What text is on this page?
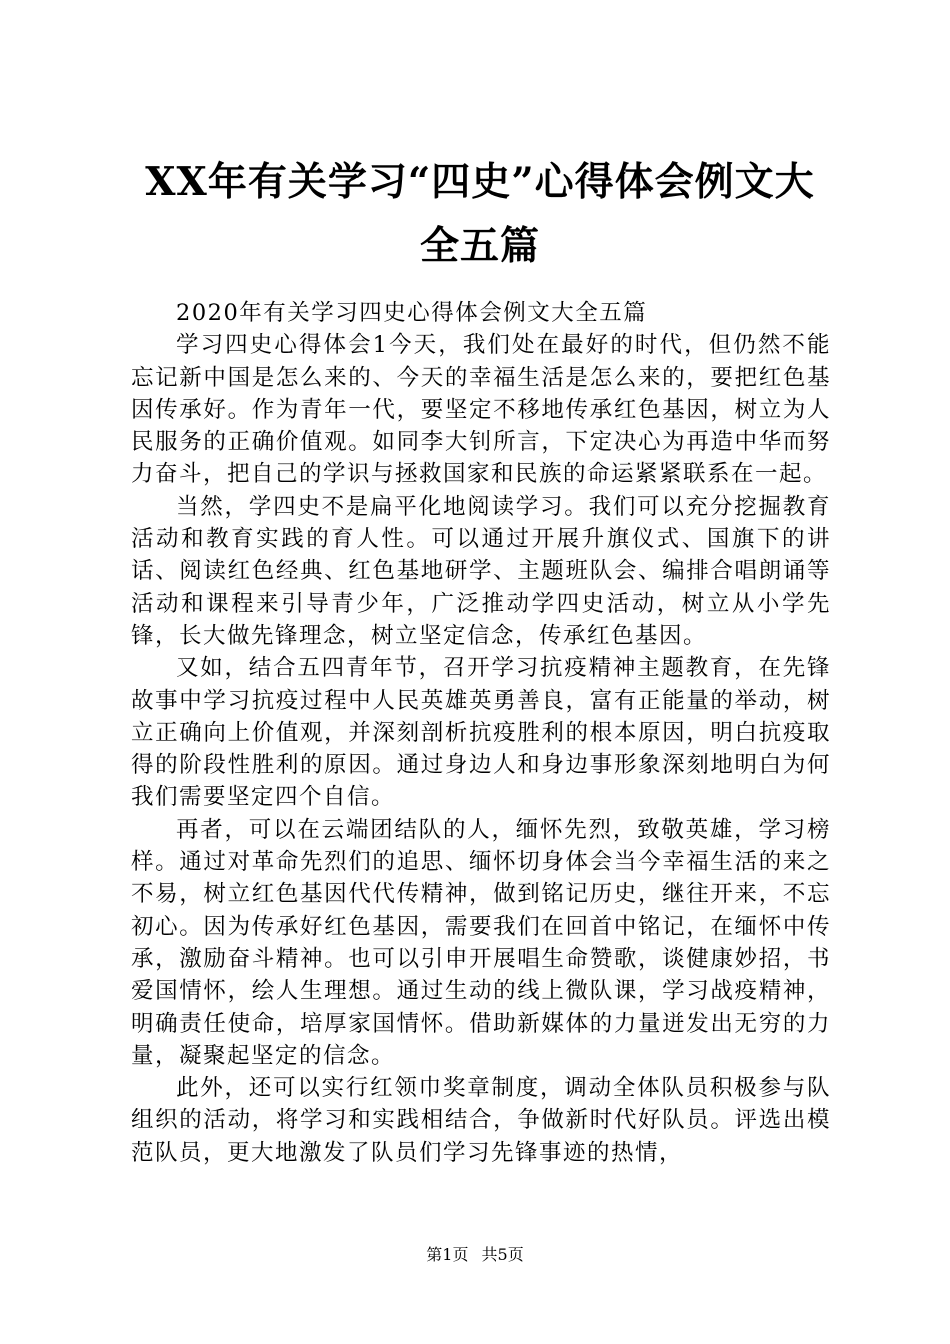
XX年有关学习“四史”心得体会例文大全五篇

2020年有关学习四史心得体会例文大全五篇

学习四史心得体会1今天，我们处在最好的时代，但仍然不能忘记新中国是怎么来的、今天的幸福生活是怎么来的，要把红色基因传承好。作为青年一代，要坚定不移地传承红色基因，树立为人民服务的正确价值观。如同李大钊所言，下定决心为再造中华而努力奋斗，把自己的学识与拯救国家和民族的命运紧紧联系在一起。

当然，学四史不是扁平化地阅读学习。我们可以充分挖掘教育活动和教育实践的育人性。可以通过开展升旗仪式、国旗下的讲话、阅读红色经典、红色基地研学、主题班队会、编排合唱朗诵等活动和课程来引导青少年，广泛推动学四史活动，树立从小学先锋，长大做先锋理念，树立坚定信念，传承红色基因。

又如，结合五四青年节，召开学习抗疫精神主题教育，在先锋故事中学习抗疫过程中人民英雄英勇善良，富有正能量的举动，树立正确向上价值观，并深刻剖析抗疫胜利的根本原因，明白抗疫取得的阶段性胜利的原因。通过身边人和身边事形象深刻地明白为何我们需要坚定四个自信。

再者，可以在云端团结队的人，缅怀先烈，致敬英雄，学习榜样。通过对革命先烈们的追思、缅怀切身体会当今幸福生活的来之不易，树立红色基因代代传精神，做到铭记历史，继往开来，不忘初心。因为传承好红色基因，需要我们在回首中铭记，在缅怀中传承，激励奋斗精神。也可以引申开展唱生命赞歌，谈健康妙招，书爱国情怀，绘人生理想。通过生动的线上微队课，学习战疫精神，明确责任使命，培厚家国情怀。借助新媒体的力量迸发出无穷的力量，凝聚起坚定的信念。

此外，还可以实行红领巾奖章制度，调动全体队员积极参与队组织的活动，将学习和实践相结合，争做新时代好队员。评选出模范队员，更大地激发了队员们学习先锋事迹的热情，

第1页 共5页
